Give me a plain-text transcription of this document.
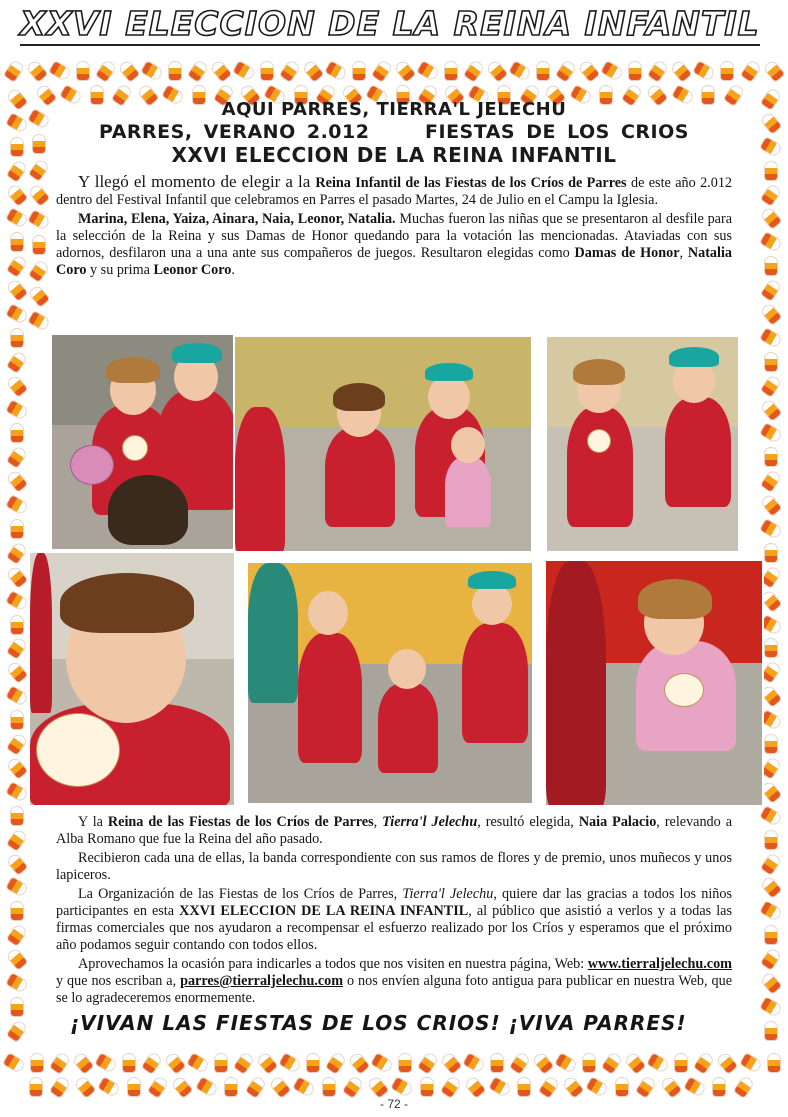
XXVI ELECCION DE LA REINA INFANTIL
AQUI PARRES, TIERRA'L JELECHU
PARRES, VERANO 2.012	FIESTAS DE LOS CRIOS
XXVI ELECCION DE LA REINA INFANTIL

Y llegó el momento de elegir a la Reina Infantil de las Fiestas de los Críos de Parres de este año 2.012 dentro del Festival Infantil que celebramos en Parres el pasado Martes, 24 de Julio en el Campu la Iglesia.

Marina, Elena, Yaiza, Ainara, Naia, Leonor, Natalia. Muchas fueron las niñas que se presentaron al desfile para la selección de la Reina y sus Damas de Honor quedando para la votación las mencionadas. Ataviadas con sus adornos, desfilaron una a una ante sus compañeros de juegos. Resultaron elegidas como Damas de Honor, Natalia Coro y su prima Leonor Coro.

Y la Reina de las Fiestas de los Críos de Parres, Tierra'l Jelechu, resultó elegida, Naia Palacio, relevando a Alba Romano que fue la Reina del año pasado.

Recibieron cada una de ellas, la banda correspondiente con sus ramos de flores y de premio, unos muñecos y unos lapiceros.

La Organización de las Fiestas de los Críos de Parres, Tierra'l Jelechu, quiere dar las gracias a todos los niños participantes en esta XXVI ELECCION DE LA REINA INFANTIL, al público que asistió a verlos y a todas las firmas comerciales que nos ayudaron a recompensar el esfuerzo realizado por los Críos y esperamos que el próximo año podamos seguir contando con todos ellos.

Aprovechamos la ocasión para indicarles a todos que nos visiten en nuestra página, Web: www.tierraljelechu.com y que nos escriban a, parres@tierraljelechu.com o nos envíen alguna foto antigua para publicar en nuestra Web, que se lo agradeceremos enormemente.

¡VIVAN LAS FIESTAS DE LOS CRIOS! ¡VIVA PARRES!
- 72 -
